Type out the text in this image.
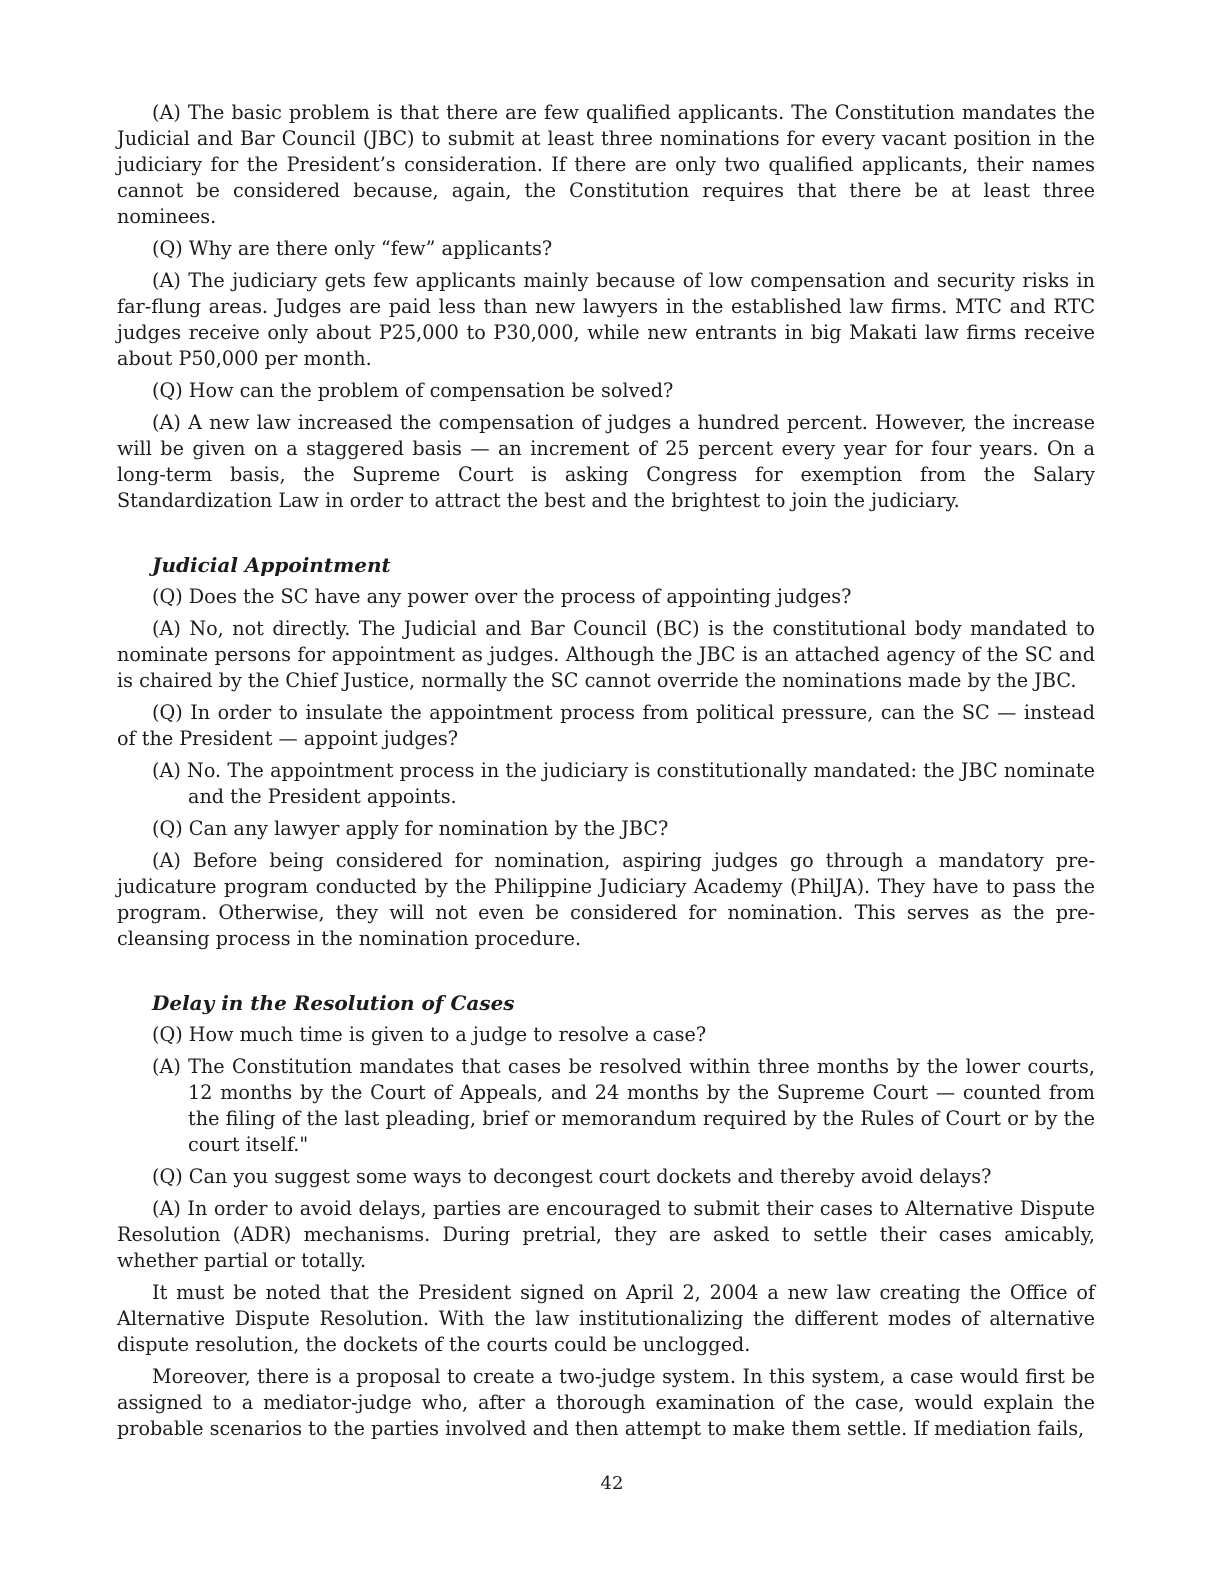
(A) The basic problem is that there are few qualified applicants. The Constitution mandates the Judicial and Bar Council (JBC) to submit at least three nominations for every vacant position in the judiciary for the President’s consideration. If there are only two qualified applicants, their names cannot be considered because, again, the Constitution requires that there be at least three nominees.

(Q) Why are there only “few” applicants?

(A) The judiciary gets few applicants mainly because of low compensation and security risks in far-flung areas. Judges are paid less than new lawyers in the established law firms. MTC and RTC judges receive only about P25,000 to P30,000, while new entrants in big Makati law firms receive about P50,000 per month.

(Q) How can the problem of compensation be solved?

(A) A new law increased the compensation of judges a hundred percent. However, the increase will be given on a staggered basis — an increment of 25 percent every year for four years. On a long-term basis, the Supreme Court is asking Congress for exemption from the Salary Standardization Law in order to attract the best and the brightest to join the judiciary.

Judicial Appointment

(Q) Does the SC have any power over the process of appointing judges?

(A) No, not directly. The Judicial and Bar Council (BC) is the constitutional body mandated to nominate persons for appointment as judges. Although the JBC is an attached agency of the SC and is chaired by the Chief Justice, normally the SC cannot override the nominations made by the JBC.

(Q) In order to insulate the appointment process from political pressure, can the SC — instead of the President — appoint judges?

(A) No. The appointment process in the judiciary is constitutionally mandated: the JBC nominate and the President appoints.

(Q) Can any lawyer apply for nomination by the JBC?

(A) Before being considered for nomination, aspiring judges go through a mandatory pre-judicature program conducted by the Philippine Judiciary Academy (PhilJA). They have to pass the program. Otherwise, they will not even be considered for nomination. This serves as the pre-cleansing process in the nomination procedure.

Delay in the Resolution of Cases

(Q) How much time is given to a judge to resolve a case?

(A) The Constitution mandates that cases be resolved within three months by the lower courts, 12 months by the Court of Appeals, and 24 months by the Supreme Court — counted from the filing of the last pleading, brief or memorandum required by the Rules of Court or by the court itself."

(Q) Can you suggest some ways to decongest court dockets and thereby avoid delays?

(A) In order to avoid delays, parties are encouraged to submit their cases to Alternative Dispute Resolution (ADR) mechanisms. During pretrial, they are asked to settle their cases amicably, whether partial or totally.

It must be noted that the President signed on April 2, 2004 a new law creating the Office of Alternative Dispute Resolution. With the law institutionalizing the different modes of alternative dispute resolution, the dockets of the courts could be unclogged.

Moreover, there is a proposal to create a two-judge system. In this system, a case would first be assigned to a mediator-judge who, after a thorough examination of the case, would explain the probable scenarios to the parties involved and then attempt to make them settle. If mediation fails,

42
